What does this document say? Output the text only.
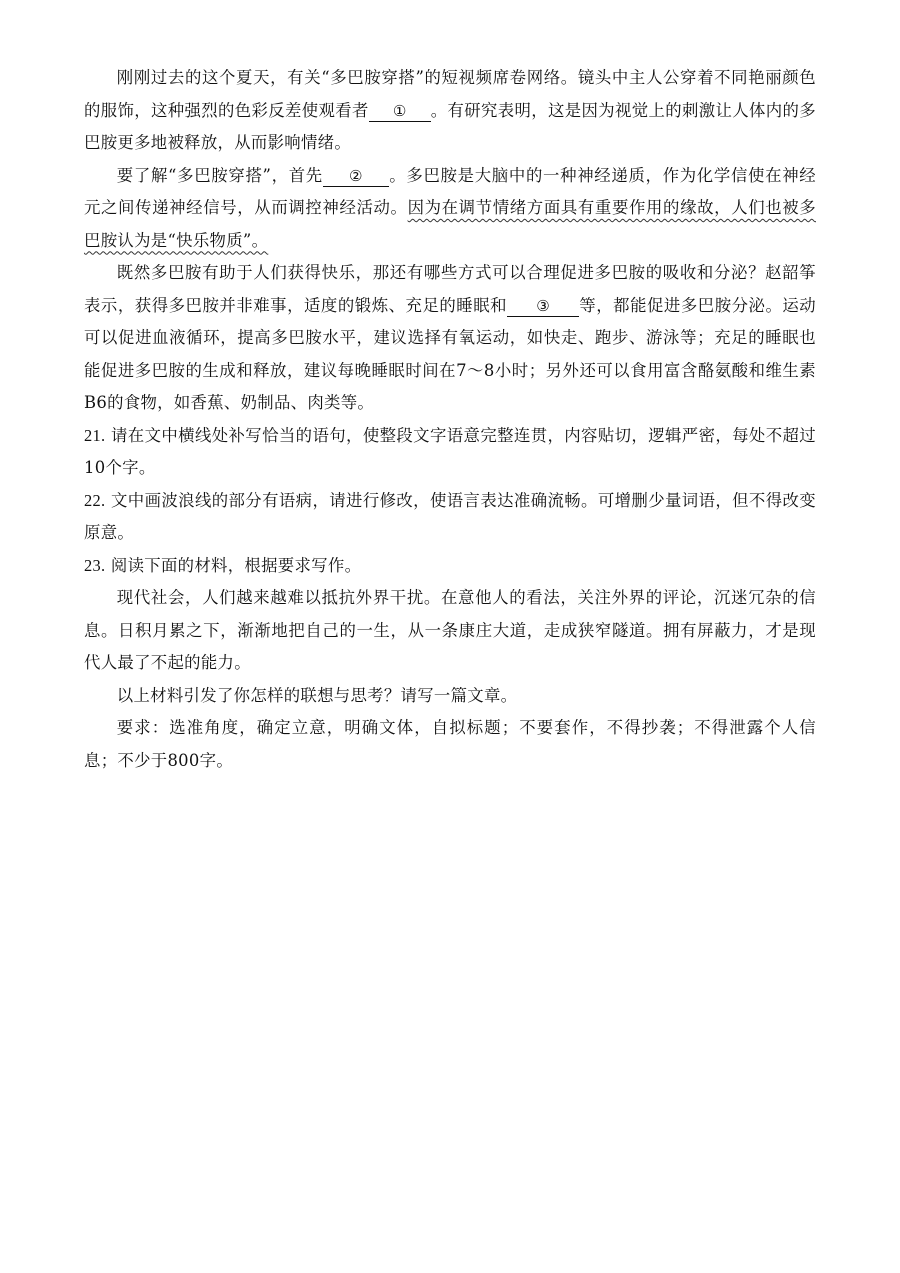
刚刚过去的这个夏天，有关“多巴胺穿搭”的短视频席卷网络。镜头中主人公穿着不同艳丽颜色的服饰，这种强烈的色彩反差使观看者 ① 。有研究表明，这是因为视觉上的刺激让人体内的多巴胺更多地被释放，从而影响情绪。

要了解“多巴胺穿搭”，首先 ② 。多巴胺是大脑中的一种神经递质，作为化学信使在神经元之间传递神经信号，从而调控神经活动。因为在调节情绪方面具有重要作用的缘故，人们也被多巴胺认为是“快乐物质”。

既然多巴胺有助于人们获得快乐，那还有哪些方式可以合理促进多巴胺的吸收和分泌？赵韶筝表示，获得多巴胺并非难事，适度的锻炼、充足的睡眠和 ③ 等，都能促进多巴胺分泌。运动可以促进血液循环，提高多巴胺水平，建议选择有氧运动，如快走、跑步、游泳等；充足的睡眠也能促进多巴胺的生成和释放，建议每晚睡眠时间在7～8小时；另外还可以食用富含酪氨酸和维生素B6的食物，如香蕉、奶制品、肉类等。

21. 请在文中横线处补写恰当的语句，使整段文字语意完整连贯，内容贴切，逻辑严密，每处不超过10个字。

22. 文中画波浪线的部分有语病，请进行修改，使语言表达准确流畅。可增删少量词语，但不得改变原意。

23. 阅读下面的材料，根据要求写作。

现代社会，人们越来越难以抵抗外界干扰。在意他人的看法，关注外界的评论，沉迷冗杂的信息。日积月累之下，渐渐地把自己的一生，从一条康庄大道，走成狭窄隧道。拥有屏蔽力，才是现代人最了不起的能力。

以上材料引发了你怎样的联想与思考？请写一篇文章。

要求：选准角度，确定立意，明确文体，自拟标题；不要套作，不得抄袭；不得泄露个人信息；不少于800字。
